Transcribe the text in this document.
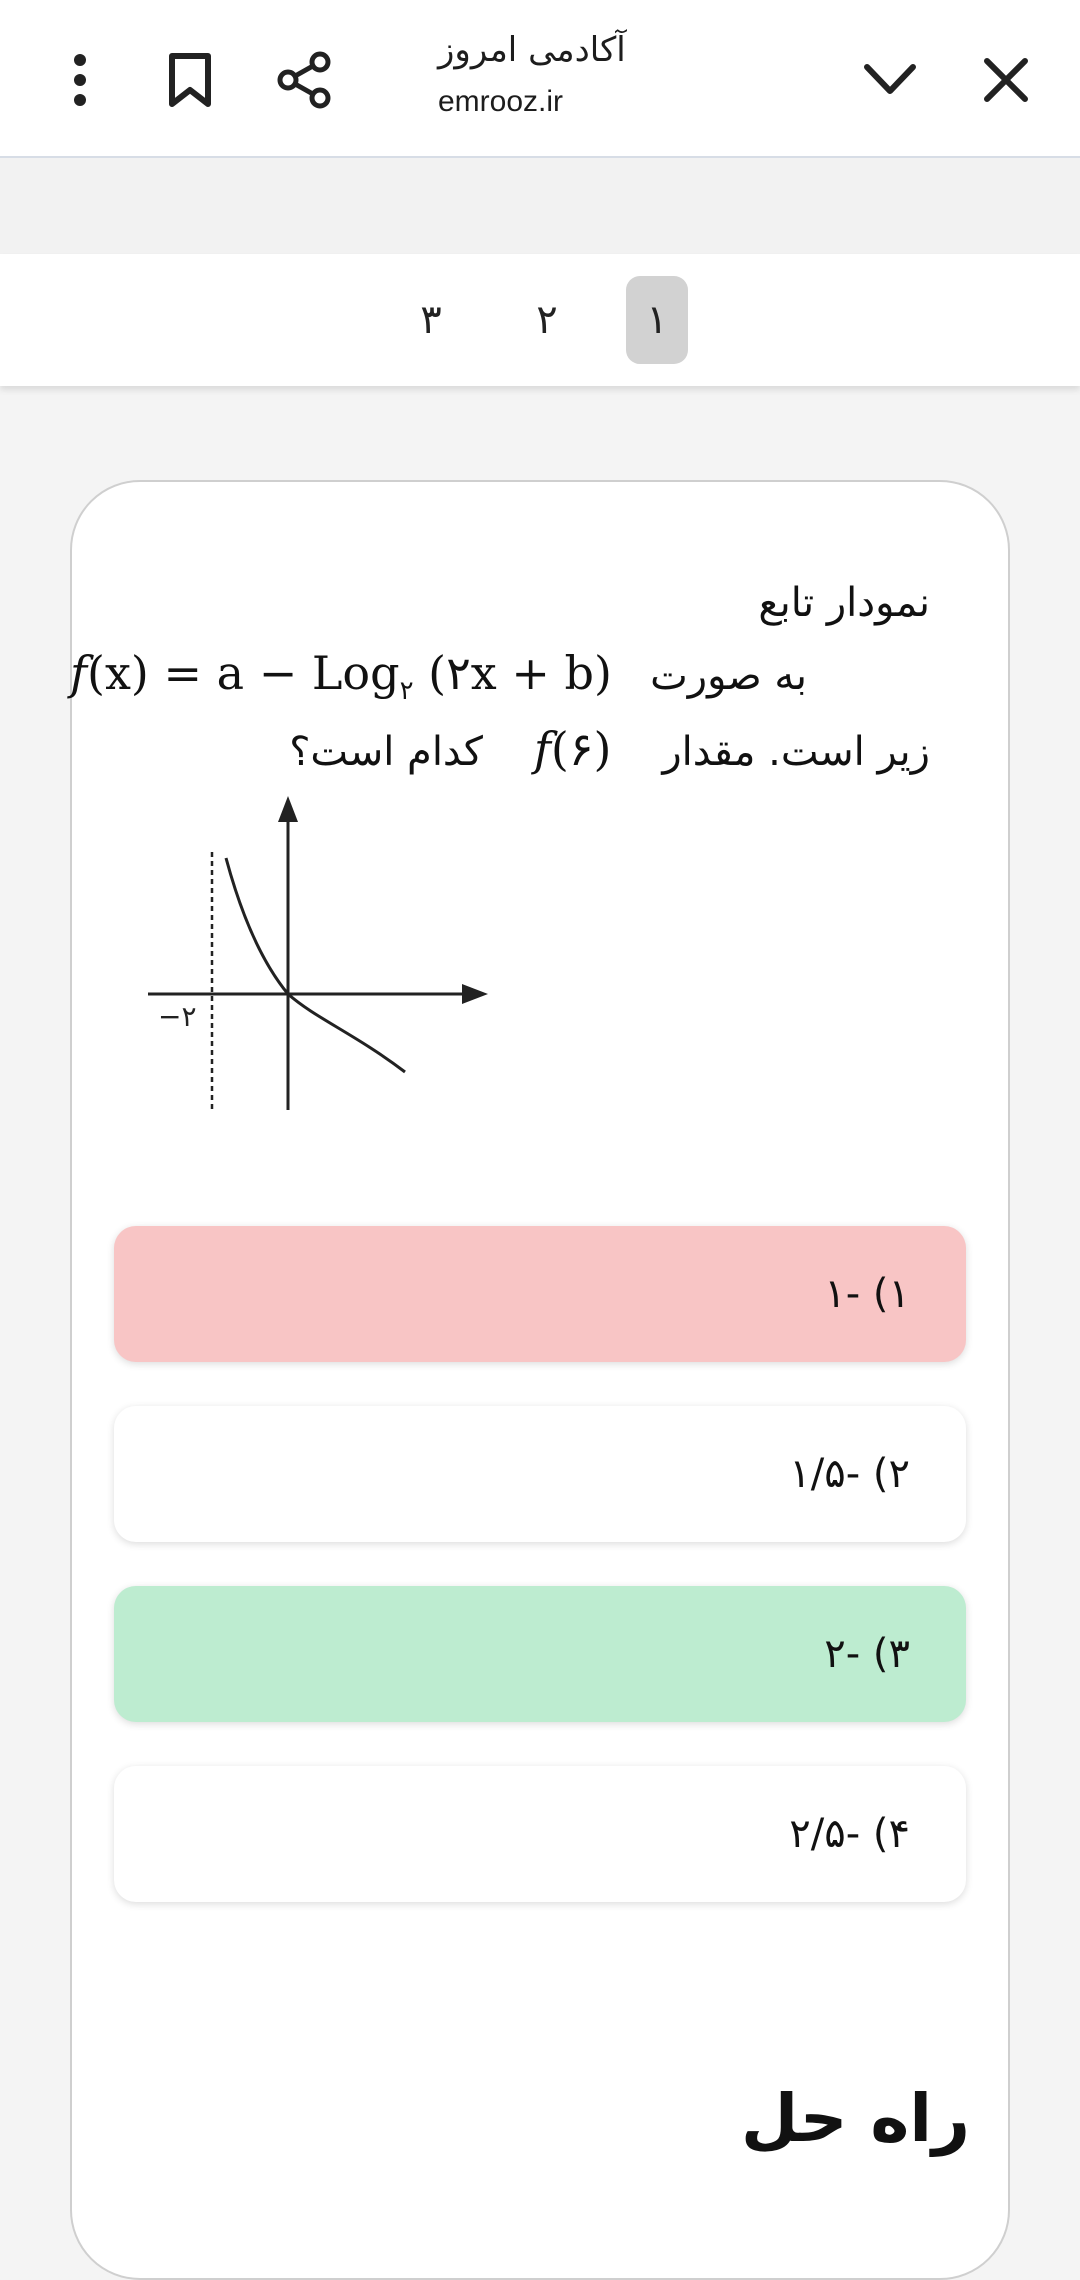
آکادمی امروز
emrooz.ir
۳	۲	۱
نمودار تابع
به صورت   f(x) = a − Log$_۲$ (۲x + b)
زیر است. مقدار    f(۶)    کدام است؟
−۲
۱) -۱
۲) -۱/۵
۳) -۲
۴) -۲/۵
راه حل
